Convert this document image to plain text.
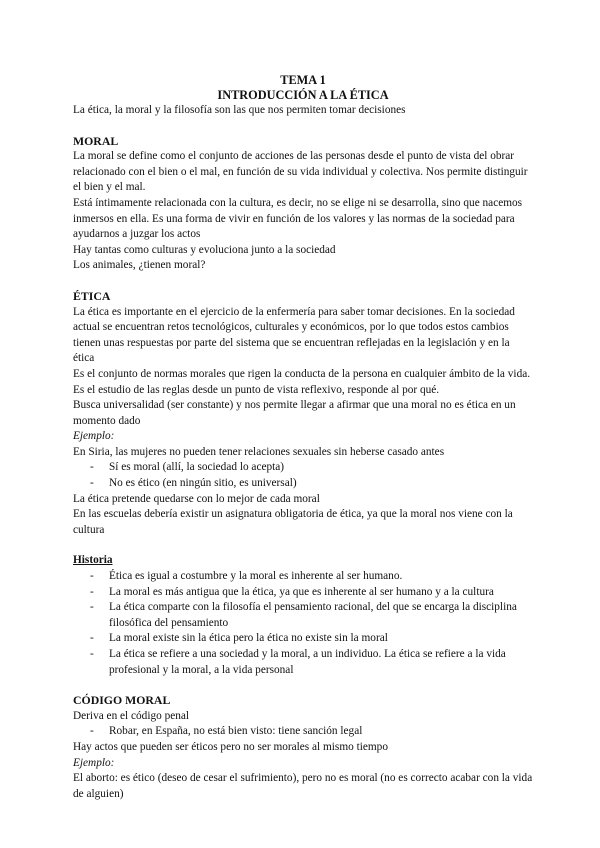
TEMA 1
INTRODUCCIÓN A LA ÉTICA

La ética, la moral y la filosofía son las que nos permiten tomar decisiones

MORAL

La moral se define como el conjunto de acciones de las personas desde el punto de vista del obrar relacionado con el bien o el mal, en función de su vida individual y colectiva. Nos permite distinguir el bien y el mal.

Está íntimamente relacionada con la cultura, es decir, no se elige ni se desarrolla, sino que nacemos inmersos en ella. Es una forma de vivir en función de los valores y las normas de la sociedad para ayudarnos a juzgar los actos

Hay tantas como culturas y evoluciona junto a la sociedad

Los animales, ¿tienen moral?

ÉTICA

La ética es importante en el ejercicio de la enfermería para saber tomar decisiones. En la sociedad actual se encuentran retos tecnológicos, culturales y económicos, por lo que todos estos cambios tienen unas respuestas por parte del sistema que se encuentran reflejadas en la legislación y en la ética

Es el conjunto de normas morales que rigen la conducta de la persona en cualquier ámbito de la vida.

Es el estudio de las reglas desde un punto de vista reflexivo, responde al por qué.

Busca universalidad (ser constante) y nos permite llegar a afirmar que una moral no es ética en un momento dado

Ejemplo:

En Siria, las mujeres no pueden tener relaciones sexuales sin heberse casado antes

- Sí es moral (allí, la sociedad lo acepta)
- No es ético (en ningún sitio, es universal)

La ética pretende quedarse con lo mejor de cada moral

En las escuelas debería existir un asignatura obligatoria de ética, ya que la moral nos viene con la cultura

Historia

- Ética es igual a costumbre y la moral es inherente al ser humano.
- La moral es más antigua que la ética, ya que es inherente al ser humano y a la cultura
- La ética comparte con la filosofía el pensamiento racional, del que se encarga la disciplina filosófica del pensamiento
- La moral existe sin la ética pero la ética no existe sin la moral
- La ética se refiere a una sociedad y la moral, a un individuo. La ética se refiere a la vida profesional y la moral, a la vida personal

CÓDIGO MORAL

Deriva en el código penal

- Robar, en España, no está bien visto: tiene sanción legal

Hay actos que pueden ser éticos pero no ser morales al mismo tiempo

Ejemplo:

El aborto: es ético (deseo de cesar el sufrimiento), pero no es moral (no es correcto acabar con la vida de alguien)
